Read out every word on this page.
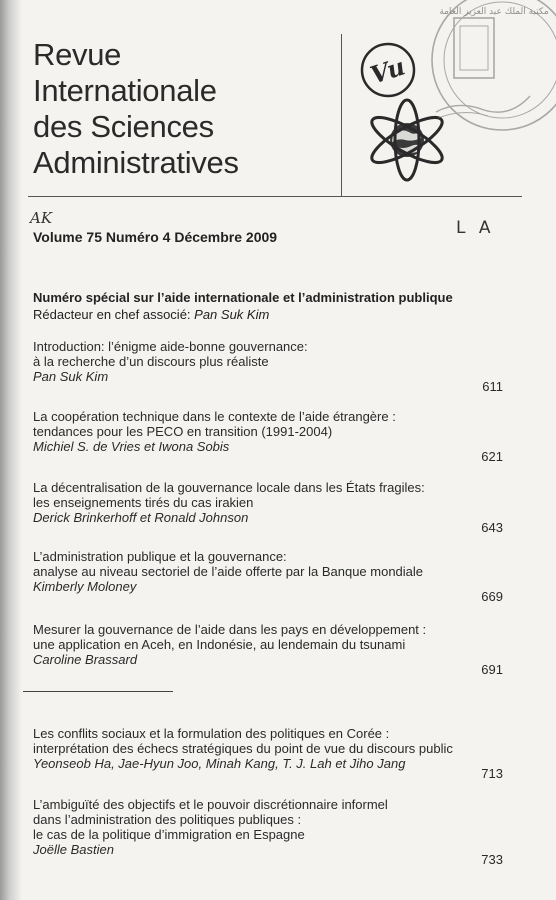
Revue
Internationale
des Sciences
Administratives
Vu
مكتبة الملك عبد العزيز العامة
AK	L A
Volume 75 Numéro 4 Décembre 2009
Numéro spécial sur l’aide internationale et l’administration publique
Rédacteur en chef associé: Pan Suk Kim
Introduction: l’énigme aide-bonne gouvernance:
à la recherche d’un discours plus réaliste
Pan Suk Kim
611
La coopération technique dans le contexte de l’aide étrangère :
tendances pour les PECO en transition (1991-2004)
Michiel S. de Vries et Iwona Sobis
621
La décentralisation de la gouvernance locale dans les États fragiles:
les enseignements tirés du cas irakien
Derick Brinkerhoff et Ronald Johnson
643
L’administration publique et la gouvernance:
analyse au niveau sectoriel de l’aide offerte par la Banque mondiale
Kimberly Moloney
669
Mesurer la gouvernance de l’aide dans les pays en développement :
une application en Aceh, en Indonésie, au lendemain du tsunami
Caroline Brassard
691
Les conflits sociaux et la formulation des politiques en Corée :
interprétation des échecs stratégiques du point de vue du discours public
Yeonseob Ha, Jae-Hyun Joo, Minah Kang, T. J. Lah et Jiho Jang
713
L’ambiguïté des objectifs et le pouvoir discrétionnaire informel
dans l’administration des politiques publiques :
le cas de la politique d’immigration en Espagne
Joëlle Bastien
733
